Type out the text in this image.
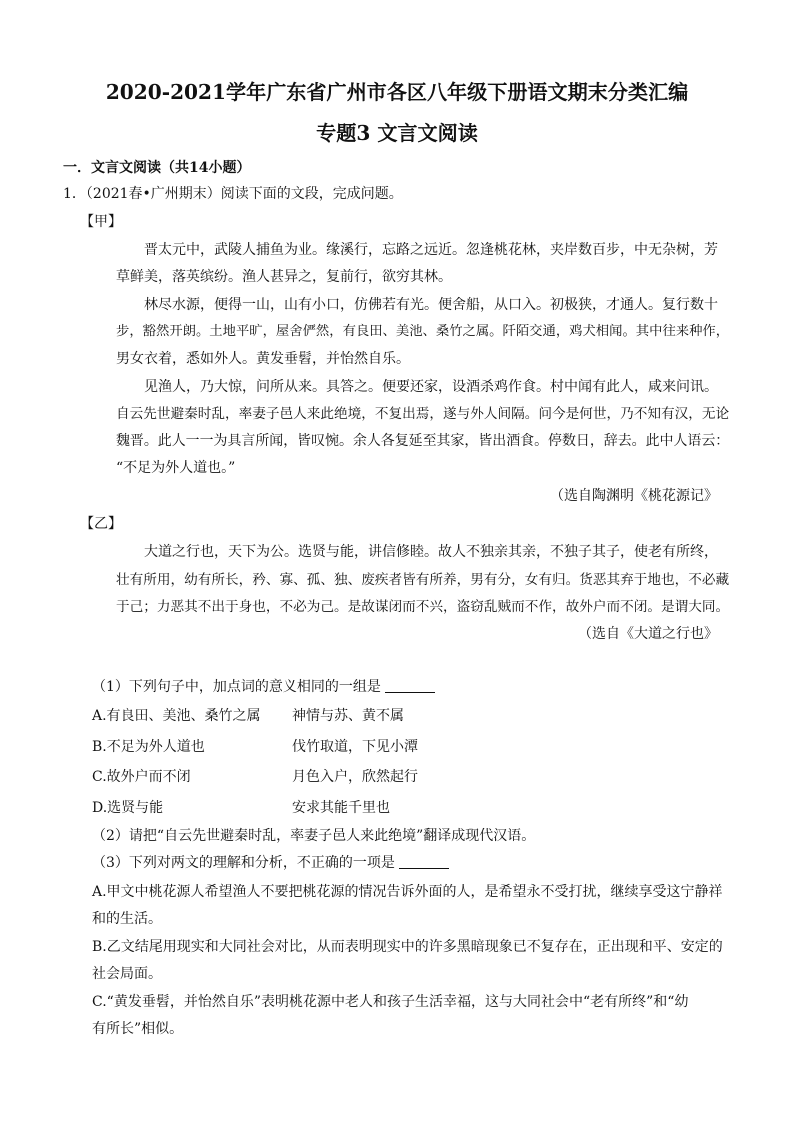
2020-2021学年广东省广州市各区八年级下册语文期末分类汇编
专题3 文言文阅读
一．文言文阅读（共14小题）
1．（2021春•广州期末）阅读下面的文段，完成问题。
【甲】
晋太元中，武陵人捕鱼为业。缘溪行，忘路之远近。忽逢桃花林，夹岸数百步，中无杂树，芳
草鲜美，落英缤纷。渔人甚异之，复前行，欲穷其林。
林尽水源，便得一山，山有小口，仿佛若有光。便舍船，从口入。初极狭，才通人。复行数十
步，豁然开朗。土地平旷，屋舍俨然，有良田、美池、桑竹之属。阡陌交通，鸡犬相闻。其中往来种作，
男女衣着，悉如外人。黄发垂髫，并怡然自乐。
见渔人，乃大惊，问所从来。具答之。便要还家，设酒杀鸡作食。村中闻有此人，咸来问讯。
自云先世避秦时乱，率妻子邑人来此绝境，不复出焉，遂与外人间隔。问今是何世，乃不知有汉，无论
魏晋。此人一一为具言所闻，皆叹惋。余人各复延至其家，皆出酒食。停数日，辞去。此中人语云：
“不足为外人道也。”
（选自陶渊明《桃花源记》
【乙】
大道之行也，天下为公。选贤与能，讲信修睦。故人不独亲其亲，不独子其子，使老有所终，
壮有所用，幼有所长，矜、寡、孤、独、废疾者皆有所养，男有分，女有归。货恶其弃于地也，不必藏
于己；力恶其不出于身也，不必为己。是故谋闭而不兴，盗窃乱贼而不作，故外户而不闭。是谓大同。
（选自《大道之行也》
（1）下列句子中，加点词的意义相同的一组是
A.有良田、美池、桑竹之属 神情与苏、黄不属
B.不足为外人道也	伐竹取道，下见小潭
C.故外户而不闭	月色入户，欣然起行
D.选贤与能	安求其能千里也
（2）请把“自云先世避秦时乱，率妻子邑人来此绝境”翻译成现代汉语。
（3）下列对两文的理解和分析，不正确的一项是
A.甲文中桃花源人希望渔人不要把桃花源的情况告诉外面的人，是希望永不受打扰，继续享受这宁静祥
和的生活。
B.乙文结尾用现实和大同社会对比，从而表明现实中的许多黑暗现象已不复存在，正出现和平、安定的
社会局面。
C.“黄发垂髫，并怡然自乐”表明桃花源中老人和孩子生活幸福，这与大同社会中“老有所终”和“幼
有所长”相似。
